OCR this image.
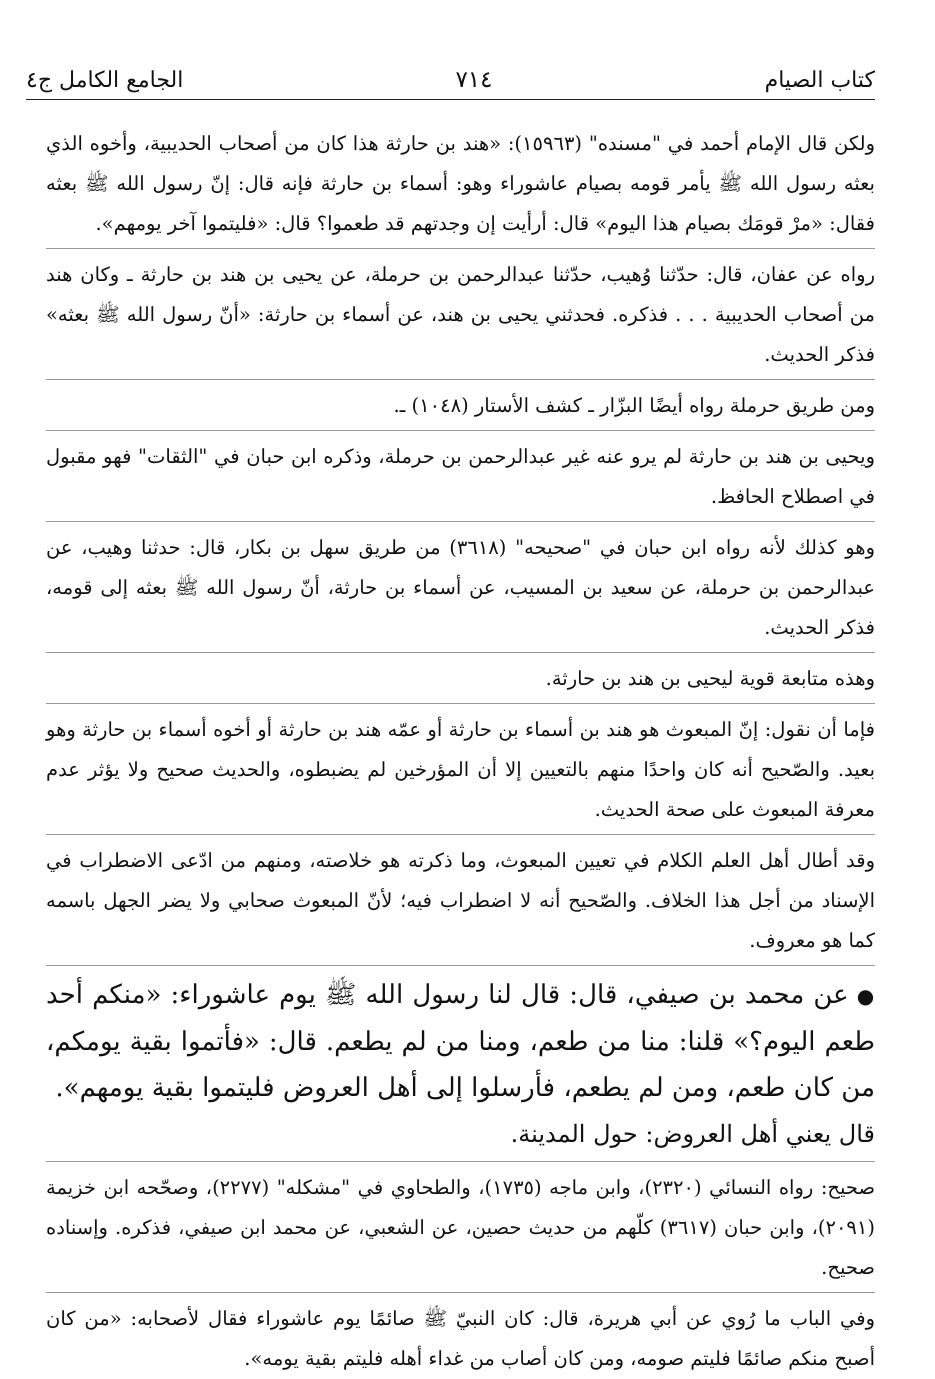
كتاب الصيام
٧١٤
الجامع الكامل ج٤

ولكن قال الإمام أحمد في "مسنده" (١٥٩٦٣): «هند بن حارثة هذا كان من أصحاب الحديبية، وأخوه الذي بعثه رسول الله ﷺ يأمر قومه بصيام عاشوراء وهو: أسماء بن حارثة فإنه قال: إنّ رسول الله ﷺ بعثه فقال: «مرْ قومَك بصيام هذا اليوم» قال: أرأيت إن وجدتهم قد طعموا؟ قال: «فليتموا آخر يومهم».

رواه عن عفان، قال: حدّثنا وُهيب، حدّثنا عبدالرحمن بن حرملة، عن يحيى بن هند بن حارثة ـ وكان هند من أصحاب الحديبية . . . فذكره. فحدثني يحيى بن هند، عن أسماء بن حارثة: «أنّ رسول الله ﷺ بعثه» فذكر الحديث.

ومن طريق حرملة رواه أيضًا البزّار ـ كشف الأستار (١٠٤٨) ـ.

ويحيى بن هند بن حارثة لم يرو عنه غير عبدالرحمن بن حرملة، وذكره ابن حبان في "الثقات" فهو مقبول في اصطلاح الحافظ.

وهو كذلك لأنه رواه ابن حبان في "صحيحه" (٣٦١٨) من طريق سهل بن بكار، قال: حدثنا وهيب، عن عبدالرحمن بن حرملة، عن سعيد بن المسيب، عن أسماء بن حارثة، أنّ رسول الله ﷺ بعثه إلى قومه، فذكر الحديث.

وهذه متابعة قوية ليحيى بن هند بن حارثة.

فإما أن نقول: إنّ المبعوث هو هند بن أسماء بن حارثة أو عمّه هند بن حارثة أو أخوه أسماء بن حارثة وهو بعيد. والصّحيح أنه كان واحدًا منهم بالتعيين إلا أن المؤرخين لم يضبطوه، والحديث صحيح ولا يؤثر عدم معرفة المبعوث على صحة الحديث.

وقد أطال أهل العلم الكلام في تعيين المبعوث، وما ذكرته هو خلاصته، ومنهم من ادّعى الاضطراب في الإسناد من أجل هذا الخلاف. والصّحيح أنه لا اضطراب فيه؛ لأنّ المبعوث صحابي ولا يضر الجهل باسمه كما هو معروف.

●عن محمد بن صيفي، قال: قال لنا رسول الله ﷺ يوم عاشوراء: «منكم أحد طعم اليوم؟» قلنا: منا من طعم، ومنا من لم يطعم. قال: «فأتموا بقية يومكم، من كان طعم، ومن لم يطعم، فأرسلوا إلى أهل العروض فليتموا بقية يومهم».

قال يعني أهل العروض: حول المدينة.

صحيح: رواه النسائي (٢٣٢٠)، وابن ماجه (١٧٣٥)، والطحاوي في "مشكله" (٢٢٧٧)، وصحّحه ابن خزيمة (٢٠٩١)، وابن حبان (٣٦١٧) كلّهم من حديث حصين، عن الشعبي، عن محمد ابن صيفي، فذكره. وإسناده صحيح.

وفي الباب ما رُوي عن أبي هريرة، قال: كان النبيّ ﷺ صائمًا يوم عاشوراء فقال لأصحابه: «من كان أصبح منكم صائمًا فليتم صومه، ومن كان أصاب من غداء أهله فليتم بقية يومه».
